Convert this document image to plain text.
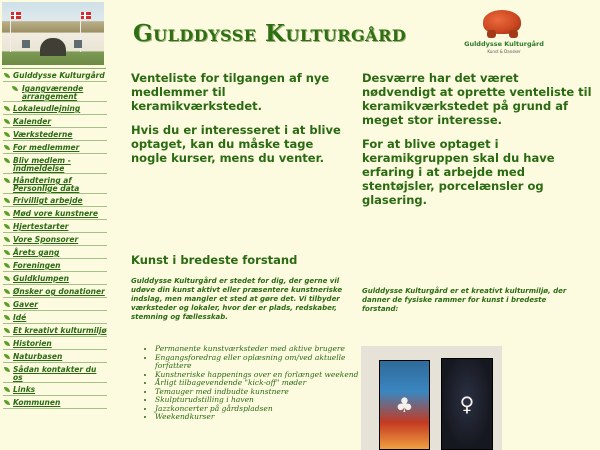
Gulddysse Kulturgård	Gulddysse Kulturgård
Kunst & Dansker
Gulddysse Kulturgård
Igangværende arrangement
Lokaleudlejning
Kalender
Værkstederne
For medlemmer
Bliv medlem - indmeldelse
Håndtering af Personlige data
Frivilligt arbejde
Mød vore kunstnere
Hjertestarter
Vore Sponsorer
Årets gang
Foreningen
Guldklumpen
Ønsker og donationer
Gaver
Idé
Et kreativt kulturmiljø
Historien
Naturbasen
Sådan kontakter du os
Links
Kommunen

Venteliste for tilgangen af nye medlemmer til keramikværkstedet.

Hvis du er interesseret i at blive optaget, kan du måske tage nogle kurser, mens du venter.

Desværre har det været nødvendigt at oprette venteliste til keramikværkstedet på grund af meget stor interesse.

For at blive optaget i keramikgruppen skal du have erfaring i at arbejde med stentøjsler, porcelænsler og glasering.

Kunst i bredeste forstand
Gulddysse Kulturgård er stedet for dig, der gerne vil udøve din kunst aktivt eller præsentere kunstneriske indslag, men mangler et sted at gøre det. Vi tilbyder værksteder og lokaler, hvor der er plads, redskaber, stemning og fællesskab.
Gulddysse Kulturgård er et kreativt kulturmiljø, der danner de fysiske rammer for kunst i bredeste forstand:
• Permanente kunstværksteder med aktive brugere
• Engangsforedrag eller oplæsning om/ved aktuelle forfattere
• Kunstneriske happenings over en forlænget weekend
• Årligt tilbagevendende "kick-off" møder
• Temauger med indbudte kunstnere
• Skulpturudstilling i haven
• Jazzkoncerter på gårdspladsen
• Weekendkurser	♣ ♀
